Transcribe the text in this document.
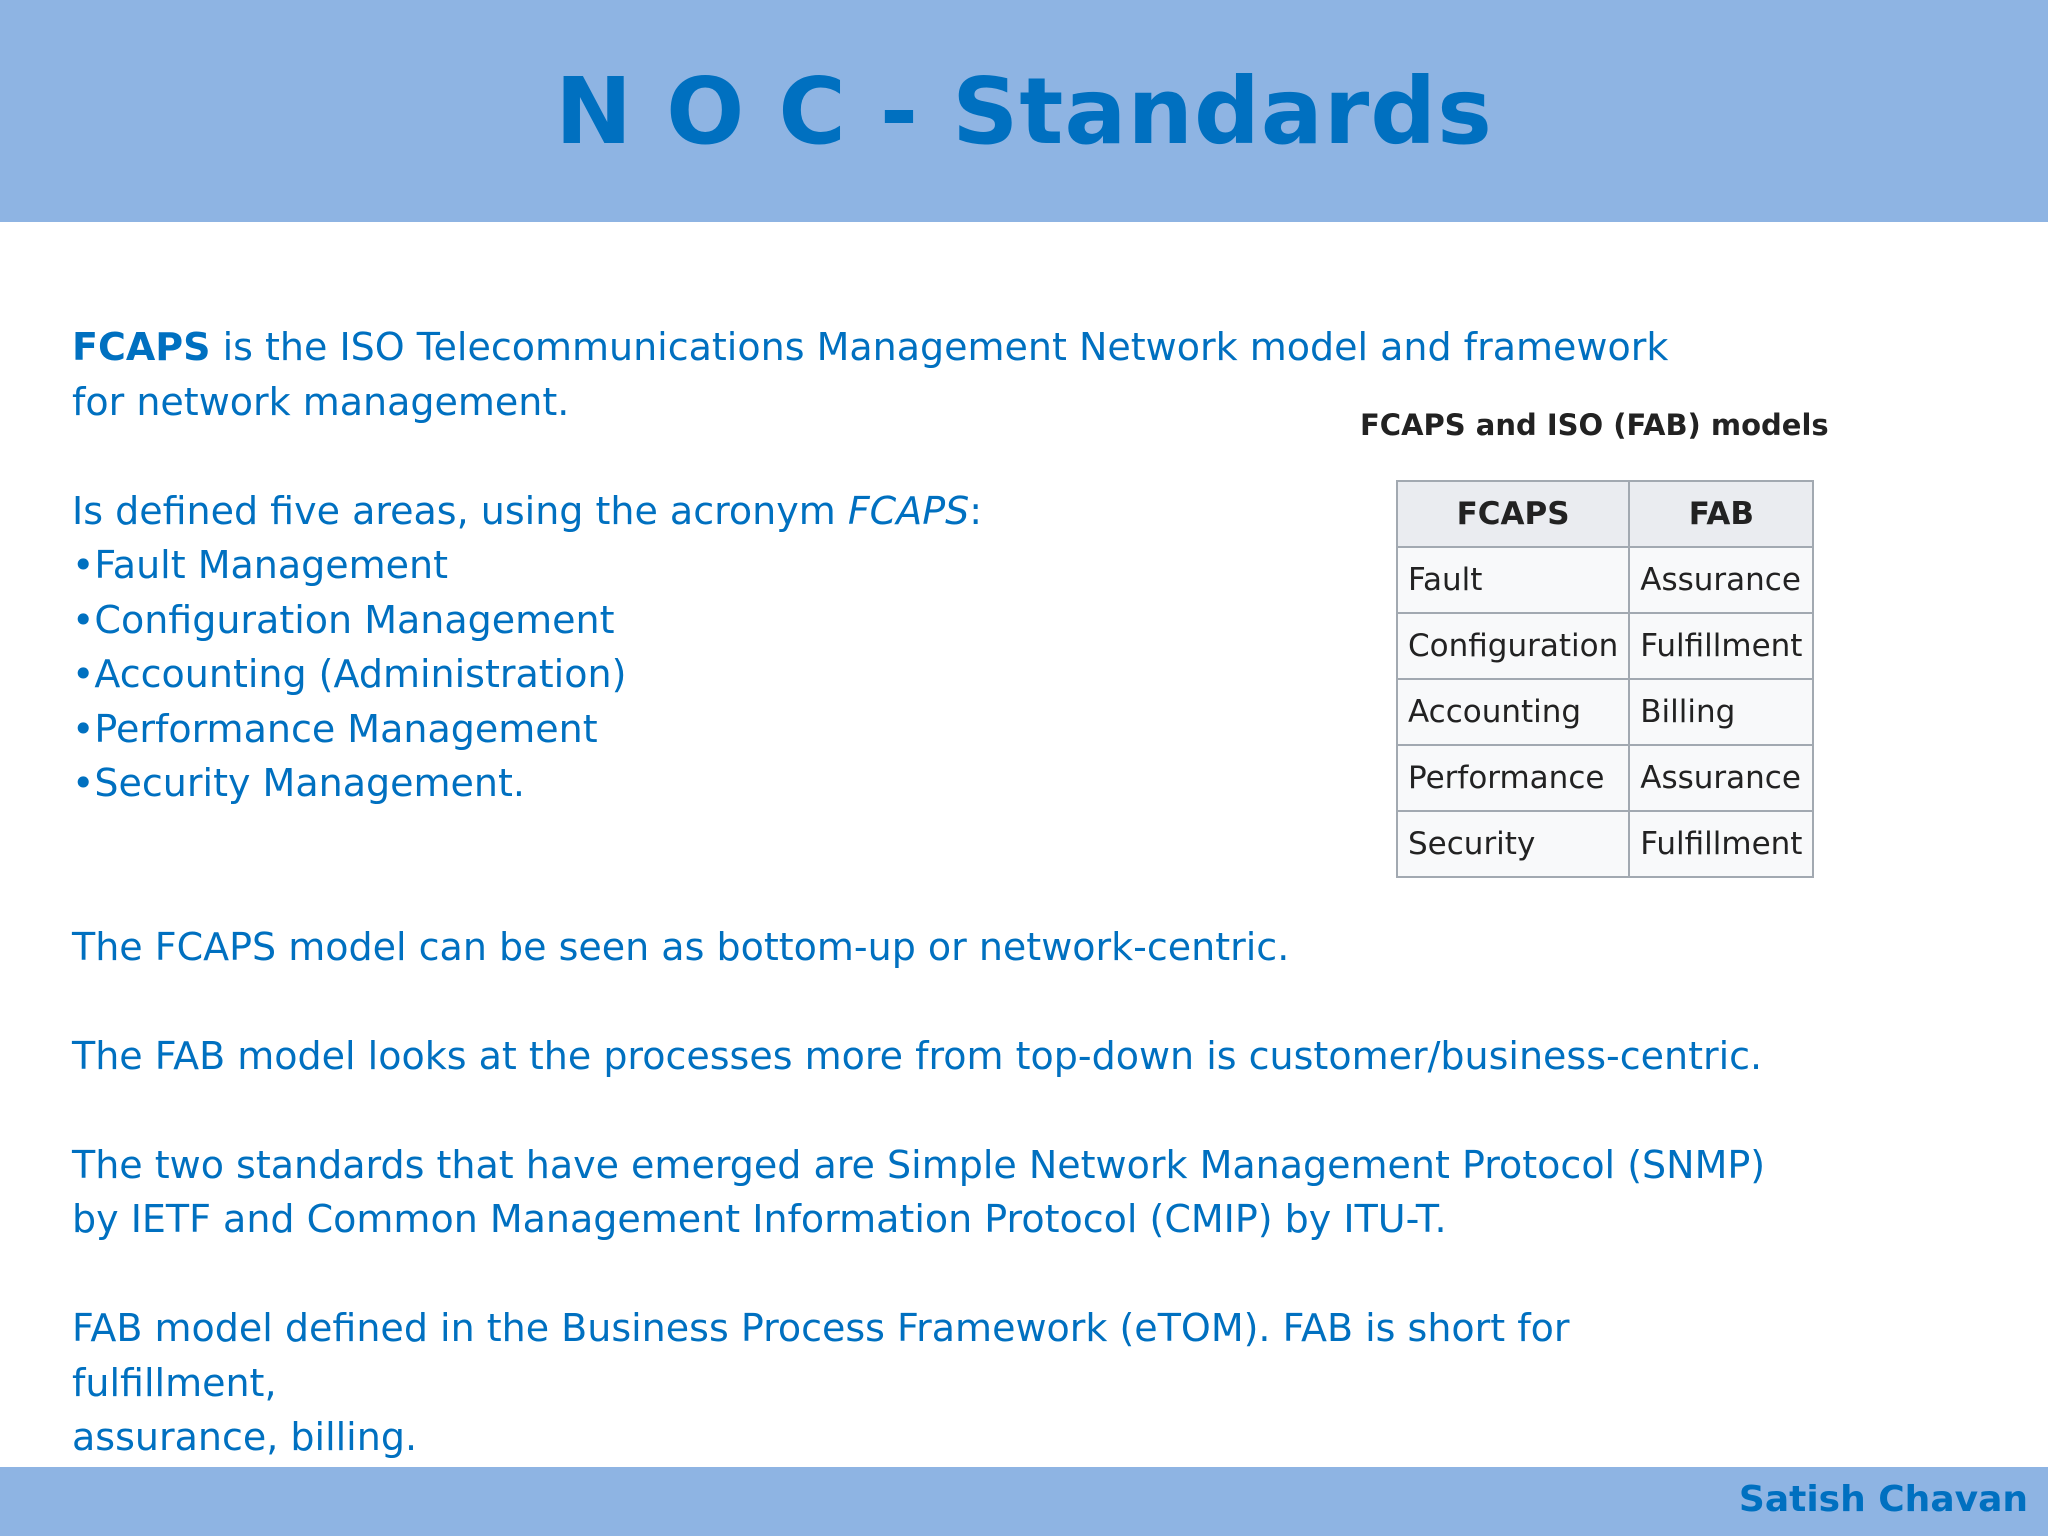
N O C - Standards

FCAPS is the ISO Telecommunications Management Network model and framework

for network management.

Is defined five areas, using the acronym FCAPS:

•Fault Management

•Configuration Management

•Accounting (Administration)

•Performance Management

•Security Management.

The FCAPS model can be seen as bottom-up or network-centric.

The FAB model looks at the processes more from top-down is customer/business-centric.

The two standards that have emerged are Simple Network Management Protocol (SNMP)

by IETF and Common Management Information Protocol (CMIP) by ITU-T.

FAB model defined in the Business Process Framework (eTOM). FAB is short for fulfillment,

assurance, billing.

FCAPS and ISO (FAB) models
FCAPS	FAB
Fault	Assurance
Configuration	Fulfillment
Accounting	Billing
Performance	Assurance
Security	Fulfillment
Satish Chavan
